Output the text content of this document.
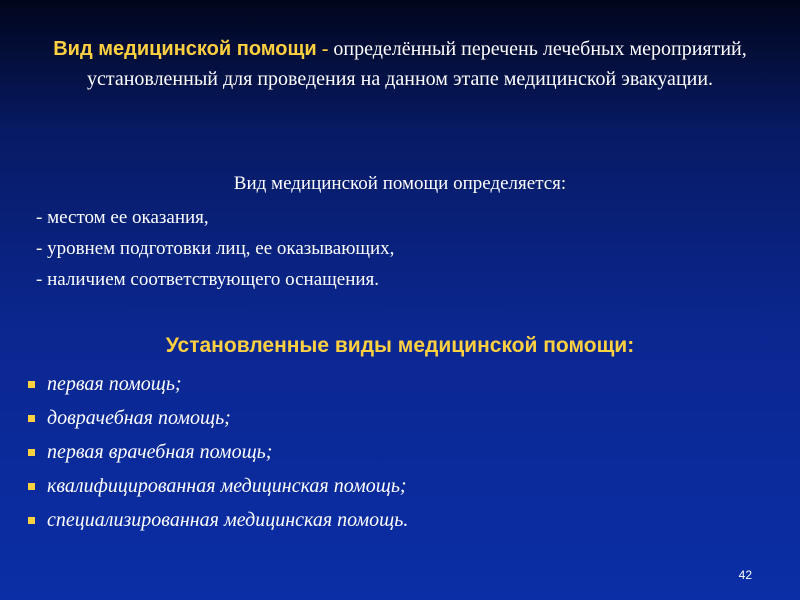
Вид медицинской помощи - определённый перечень лечебных мероприятий, установленный для проведения на данном этапе медицинской эвакуации.
Вид медицинской помощи определяется:
- местом ее оказания,
- уровнем подготовки лиц, ее оказывающих,
- наличием соответствующего оснащения.
Установленные виды медицинской помощи:
первая помощь;
доврачебная помощь;
первая врачебная помощь;
квалифицированная медицинская помощь;
специализированная медицинская помощь.
42
